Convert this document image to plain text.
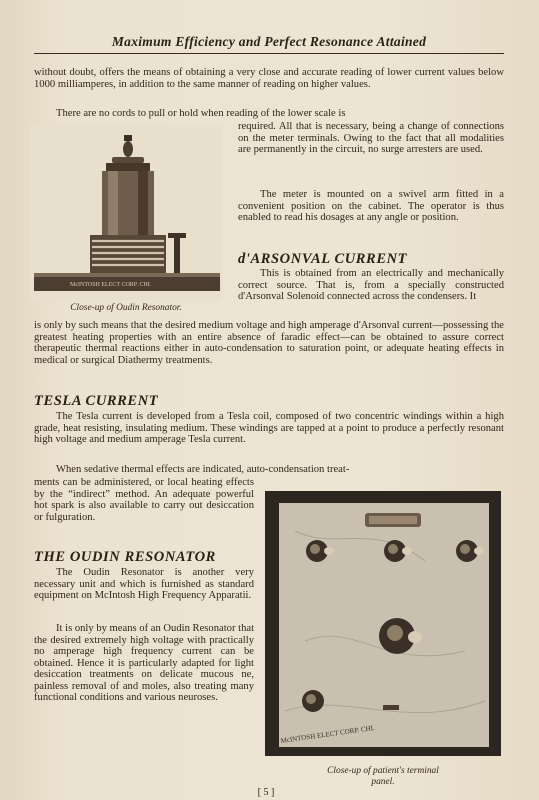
Maximum Efficiency and Perfect Resonance Attained
without doubt, offers the means of obtaining a very close and accurate reading of lower current values below 1000 milliamperes, in addition to the same manner of reading on higher values.
There are no cords to pull or hold when reading of the lower scale is
required. All that is necessary, being a change of connections on the meter terminals. Owing to the fact that all modalities are permanently in the circuit, no surge arresters are used.
The meter is mounted on a swivel arm fitted in a convenient position on the cabinet. The operator is thus enabled to read his dosages at any angle or position.
McINTOSH ELECT CORP. CHI.
Close-up of Oudin Resonator.
d'ARSONVAL CURRENT
This is obtained from an electrically and mechanically correct source. That is, from a specially constructed d'Arsonval Solenoid connected across the condensers. It
is only by such means that the desired medium voltage and high amperage d'Arsonval current—possessing the greatest heating properties with an entire absence of faradic effect—can be obtained to assure correct therapeutic thermal reactions either in auto-condensation to saturation point, or adequate heating effects in medical or surgical Diathermy treatments.
TESLA CURRENT
The Tesla current is developed from a Tesla coil, composed of two concentric windings within a high grade, heat resisting, insulating medium. These windings are tapped at a point to produce a perfectly resonant high voltage and medium amperage Tesla current.
When sedative thermal effects are indicated, auto-condensation treat-
ments can be administered, or local heating effects by the “indirect” method. An adequate powerful hot spark is also available to carry out desiccation or fulguration.
THE OUDIN RESONATOR
The Oudin Resonator is another very necessary unit and which is furnished as standard equipment on McIntosh High Frequency Apparatii.
It is only by means of an Oudin Resonator that the desired extremely high voltage with practically no amperage high frequency current can be obtained. Hence it is particularly adapted for light desiccation treatments on delicate mucous ne, painless removal of and moles, also treating many functional conditions and various neuroses.
McINTOSH ELECT CORP. CHI.
Close-up of patient's terminal
panel.
[ 5 ]
